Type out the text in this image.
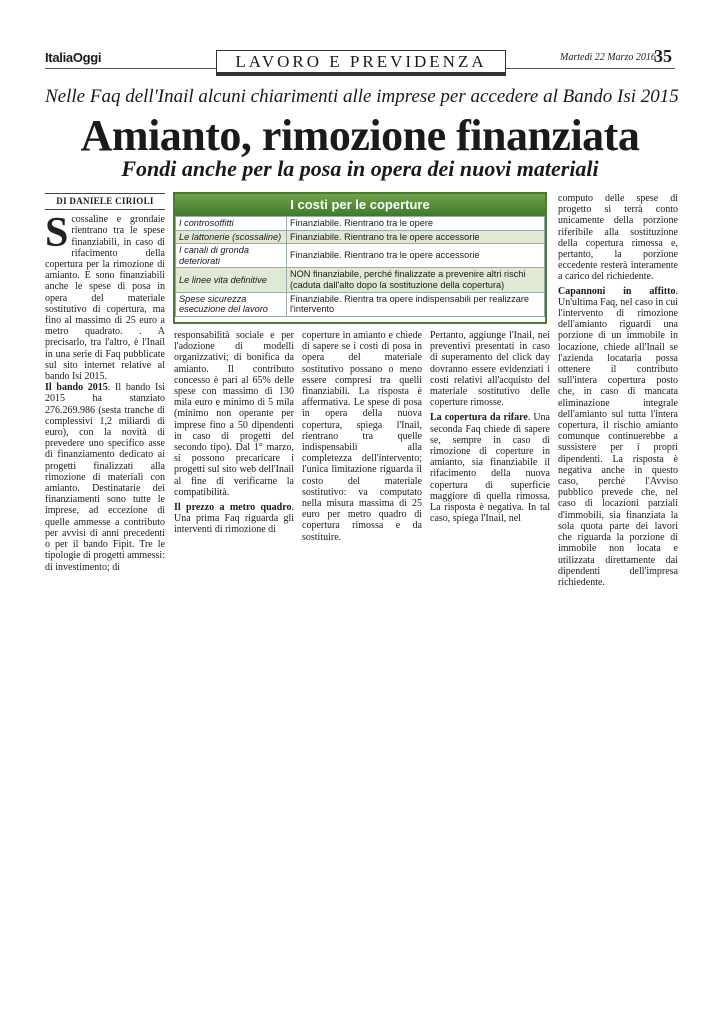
ItaliaOggi	LAVORO E PREVIDENZA	Martedì 22 Marzo 2016
35
Nelle Faq dell'Inail alcuni chiarimenti alle imprese per accedere al Bando Isi 2015
Amianto, rimozione finanziata
Fondi anche per la posa in opera dei nuovi materiali
DI DANIELE CIRIOLI

Scossaline e grondaie rientrano tra le spese finanziabili, in caso di rifacimento della copertura per la rimozione di amianto. E sono finanziabili anche le spese di posa in opera del materiale sostitutivo di copertura, ma fino al massimo di 25 euro a metro quadrato. . A precisarlo, tra l'altro, è l'Inail in una serie di Faq pubblicate sul sito internet relative al bando Isi 2015.

Il bando 2015. Il bando Isi 2015 ha stanziato 276.269.986 (sesta tranche di complessivi 1,2 miliardi di euro), con la novità di prevedere uno specifico asse di finanziamento dedicato ai progetti finalizzati alla rimozione di materiali con amianto. Destinatarie dei finanziamenti sono tutte le imprese, ad eccezione di quelle ammesse a contributo per avvisi di anni precedenti o per il bando Fipit. Tre le tipologie di progetti ammessi: di investimento; di

I costi per le coperture
I controsoffitti	Finanziabile. Rientrano tra le opere
Le lattonerie (scossaline)	Finanziabile. Rientrano tra le opere accessorie
I canali di gronda deteriorati	Finanziabile. Rientrano tra le opere accessorie
Le linee vita definitive	NON finanziabile, perché finalizzate a prevenire altri rischi (caduta dall'alto dopo la sostituzione della copertura)
Spese sicurezza esecuzione del lavoro	Finanziabile. Rientra tra opere indispensabili per realizzare l'intervento

responsabilità sociale e per l'adozione di modelli organizzativi; di bonifica da amianto. Il contributo concesso è pari al 65% delle spese con massimo di 130 mila euro e minimo di 5 mila (minimo non operante per imprese fino a 50 dipendenti in caso di progetti del secondo tipo). Dal 1° marzo, si possono precaricare i progetti sul sito web dell'Inail al fine di verificarne la compatibilità.

Il prezzo a metro quadro. Una prima Faq riguarda gli interventi di rimozione di

coperture in amianto e chiede di sapere se i costi di posa in opera del materiale sostitutivo possano o meno essere compresi tra quelli finanziabili. La risposta è affermativa. Le spese di posa in opera della nuova copertura, spiega l'Inail, rientrano tra quelle indispensabili alla completezza dell'intervento; l'unica limitazione riguarda il costo del materiale sostitutivo: va computato nella misura massima di 25 euro per metro quadro di copertura rimossa e da sostituire.

Pertanto, aggiunge l'Inail, nei preventivi presentati in caso di superamento del click day dovranno essere evidenziati i costi relativi all'acquisto del materiale sostitutivo delle coperture rimosse.

La copertura da rifare. Una seconda Faq chiede di sapere se, sempre in caso di rimozione di coperture in amianto, sia finanziabile il rifacimento della nuova copertura di superficie maggiore di quella rimossa. La risposta è negativa. In tal caso, spiega l'Inail, nel

computo delle spese di progetto si terrà conto unicamente della porzione riferibile alla sostituzione della copertura rimossa e, pertanto, la porzione eccedente resterà interamente a carico del richiedente.

Capannoni in affitto. Un'ultima Faq, nel caso in cui l'intervento di rimozione dell'amianto riguardi una porzione di un immobile in locazione, chiede all'Inail se l'azienda locataria possa ottenere il contributo sull'intera copertura posto che, in caso di mancata eliminazione integrale dell'amianto sul tutta l'intera copertura, il rischio amianto comunque continuerebbe a sussistere per i propri dipendenti. La risposta è negativa anche in questo caso, perché l'Avviso pubblico prevede che, nel caso di locazioni parziali d'immobili, sia finanziata la sola quota parte dei lavori che riguarda la porzione di immobile non locata e utilizzata direttamente dai dipendenti dell'impresa richiedente.
